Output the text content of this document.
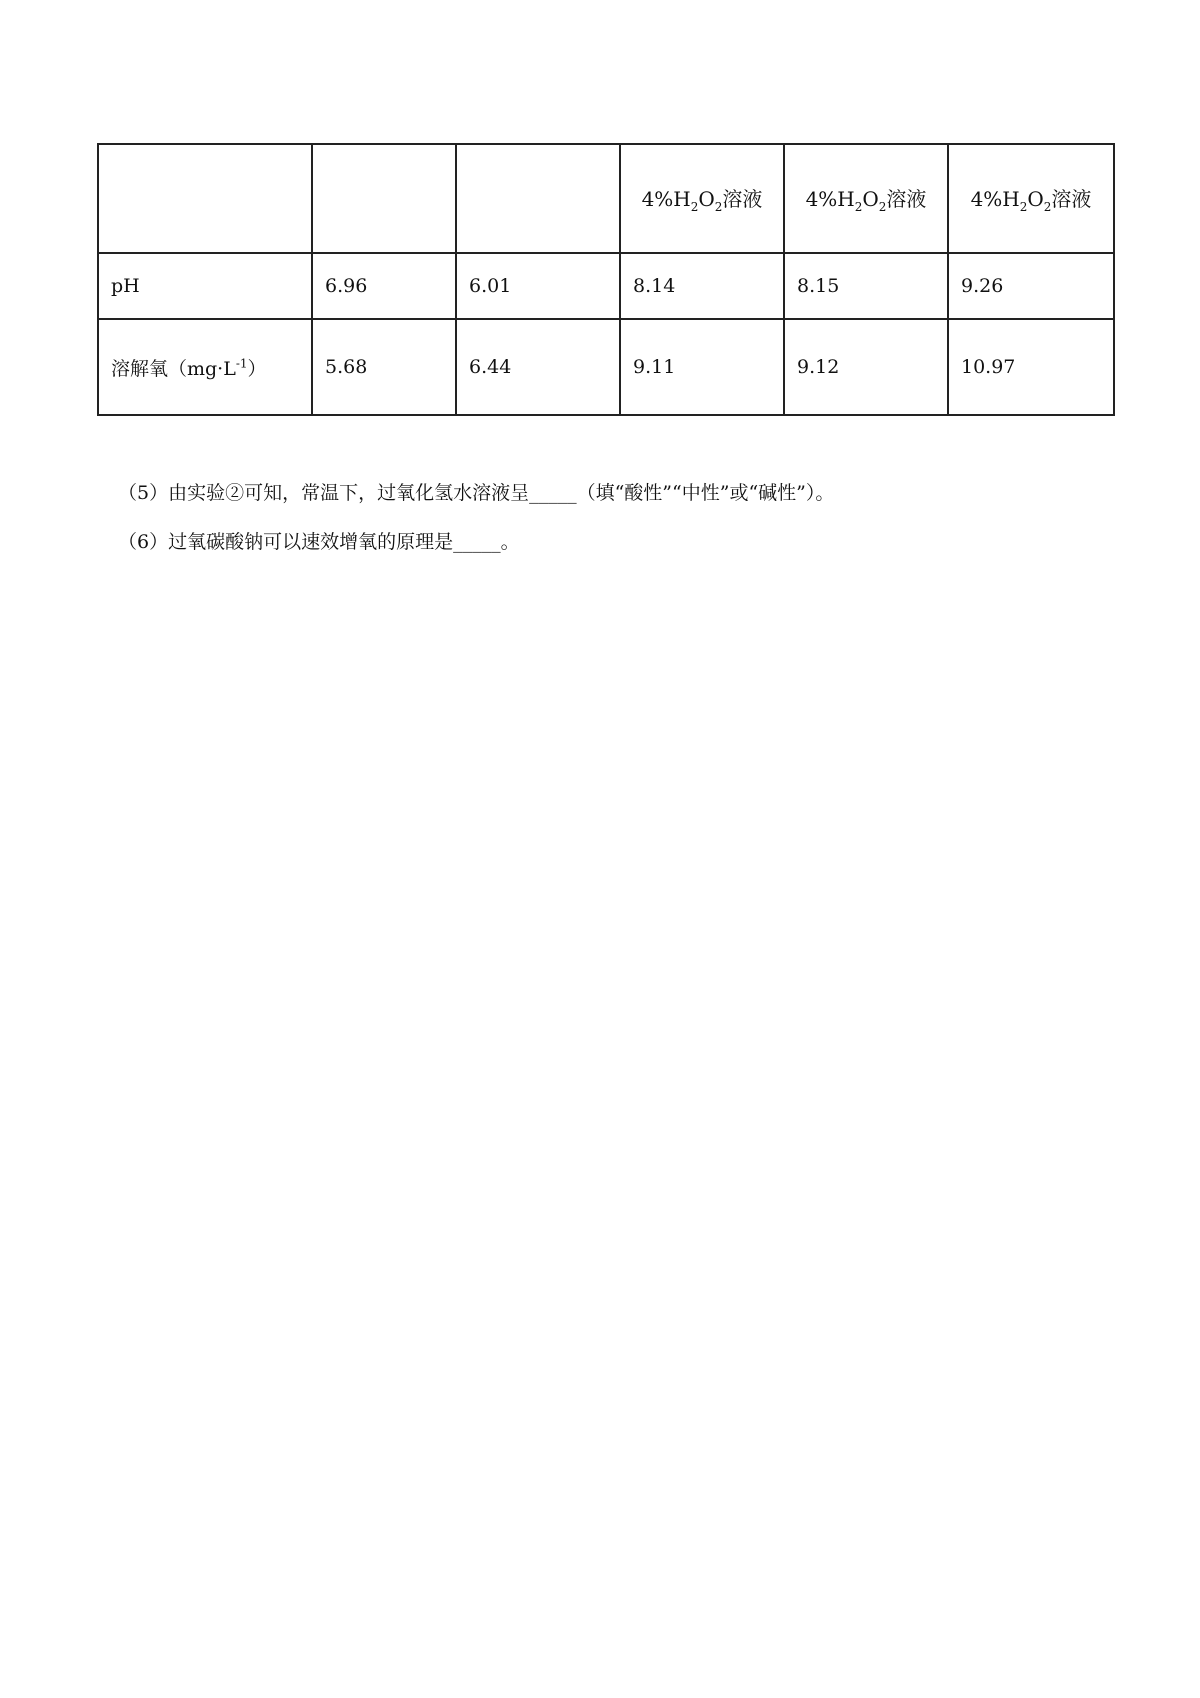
			$4\%H_2O_2$溶液	$4\%H_2O_2$溶液	$4\%H_2O_2$溶液
pH	6.96	6.01	8.14	8.15	9.26
溶解氧$(mg\cdot L^{-1})$	5.68	6.44	9.11	9.12	10.97
（5）由实验②可知，常温下，过氧化氢水溶液呈_____（填“酸性”“中性”或“碱性”）。
（6）过氧碳酸钠可以速效增氧的原理是_____。
